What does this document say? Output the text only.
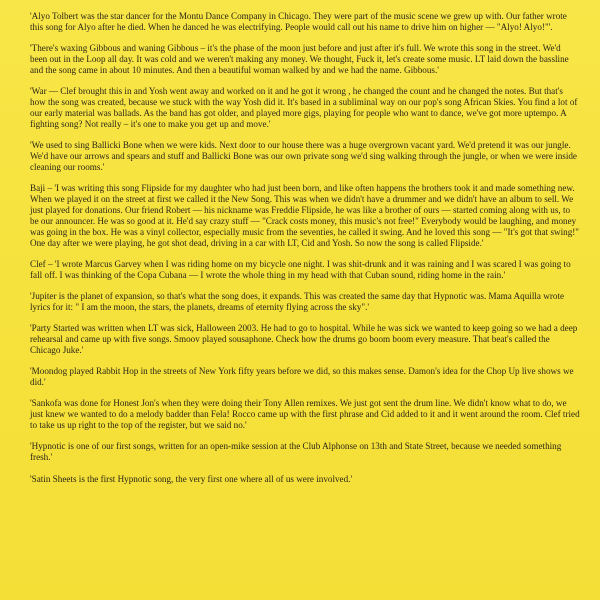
'Alyo Tolbert was the star dancer for the Montu Dance Company in Chicago. They were part of the music scene we grew up with. Our father wrote this song for Alyo after he died. When he danced he was electrifying. People would call out his name to drive him on higher — "Alyo! Alyo!"'.

'There's waxing Gibbous and waning Gibbous – it's the phase of the moon just before and just after it's full. We wrote this song in the street. We'd been out in the Loop all day. It was cold and we weren't making any money. We thought, Fuck it, let's create some music. LT laid down the bassline and the song came in about 10 minutes. And then a beautiful woman walked by and we had the name. Gibbous.'

'War — Clef brought this in and Yosh went away and worked on it and he got it wrong , he changed the count and he changed the notes. But that's how the song was created, because we stuck with the way Yosh did it. It's based in a subliminal way on our pop's song African Skies. You find a lot of our early material was ballads. As the band has got older, and played more gigs, playing for people who want to dance, we've got more uptempo. A fighting song? Not really – it's one to make you get up and move.'

'We used to sing Ballicki Bone when we were kids. Next door to our house there was a huge overgrown vacant yard. We'd pretend it was our jungle. We'd have our arrows and spears and stuff and Ballicki Bone was our own private song we'd sing walking through the jungle, or when we were inside cleaning our rooms.'

Baji – 'I was writing this song Flipside for my daughter who had just been born, and like often happens the brothers took it and made something new. When we played it on the street at first we called it the New Song. This was when we didn't have a drummer and we didn't have an album to sell. We just played for donations. Our friend Robert — his nickname was Freddie Flipside, he was like a brother of ours — started coming along with us, to be our announcer. He was so good at it. He'd say crazy stuff — "Crack costs money, this music's not free!" Everybody would be laughing, and money was going in the box. He was a vinyl collector, especially music from the seventies, he called it swing. And he loved this song — "It's got that swing!" One day after we were playing, he got shot dead, driving in a car with LT, Cid and Yosh. So now the song is called Flipside.'

Clef – 'I wrote Marcus Garvey when I was riding home on my bicycle one night. I was shit-drunk and it was raining and I was scared I was going to fall off. I was thinking of the Copa Cubana — I wrote the whole thing in my head with that Cuban sound, riding home in the rain.'

'Jupiter is the planet of expansion, so that's what the song does, it expands. This was created the same day that Hypnotic was. Mama Aquilla wrote lyrics for it: " I am the moon, the stars, the planets, dreams of eternity flying across the sky".'

'Party Started was written when LT was sick, Halloween 2003. He had to go to hospital. While he was sick we wanted to keep going so we had a deep rehearsal and came up with five songs. Smoov played sousaphone. Check how the drums go boom boom every measure. That beat's called the Chicago Juke.'

'Moondog played Rabbit Hop in the streets of New York fifty years before we did, so this makes sense. Damon's idea for the Chop Up live shows we did.'

'Sankofa was done for Honest Jon's when they were doing their Tony Allen remixes. We just got sent the drum line. We didn't know what to do, we just knew we wanted to do a melody badder than Fela! Rocco came up with the first phrase and Cid added to it and it went around the room. Clef tried to take us up right to the top of the register, but we said no.'

'Hypnotic is one of our first songs, written for an open-mike session at the Club Alphonse on 13th and State Street, because we needed something fresh.'

'Satin Sheets is the first Hypnotic song, the very first one where all of us were involved.'
